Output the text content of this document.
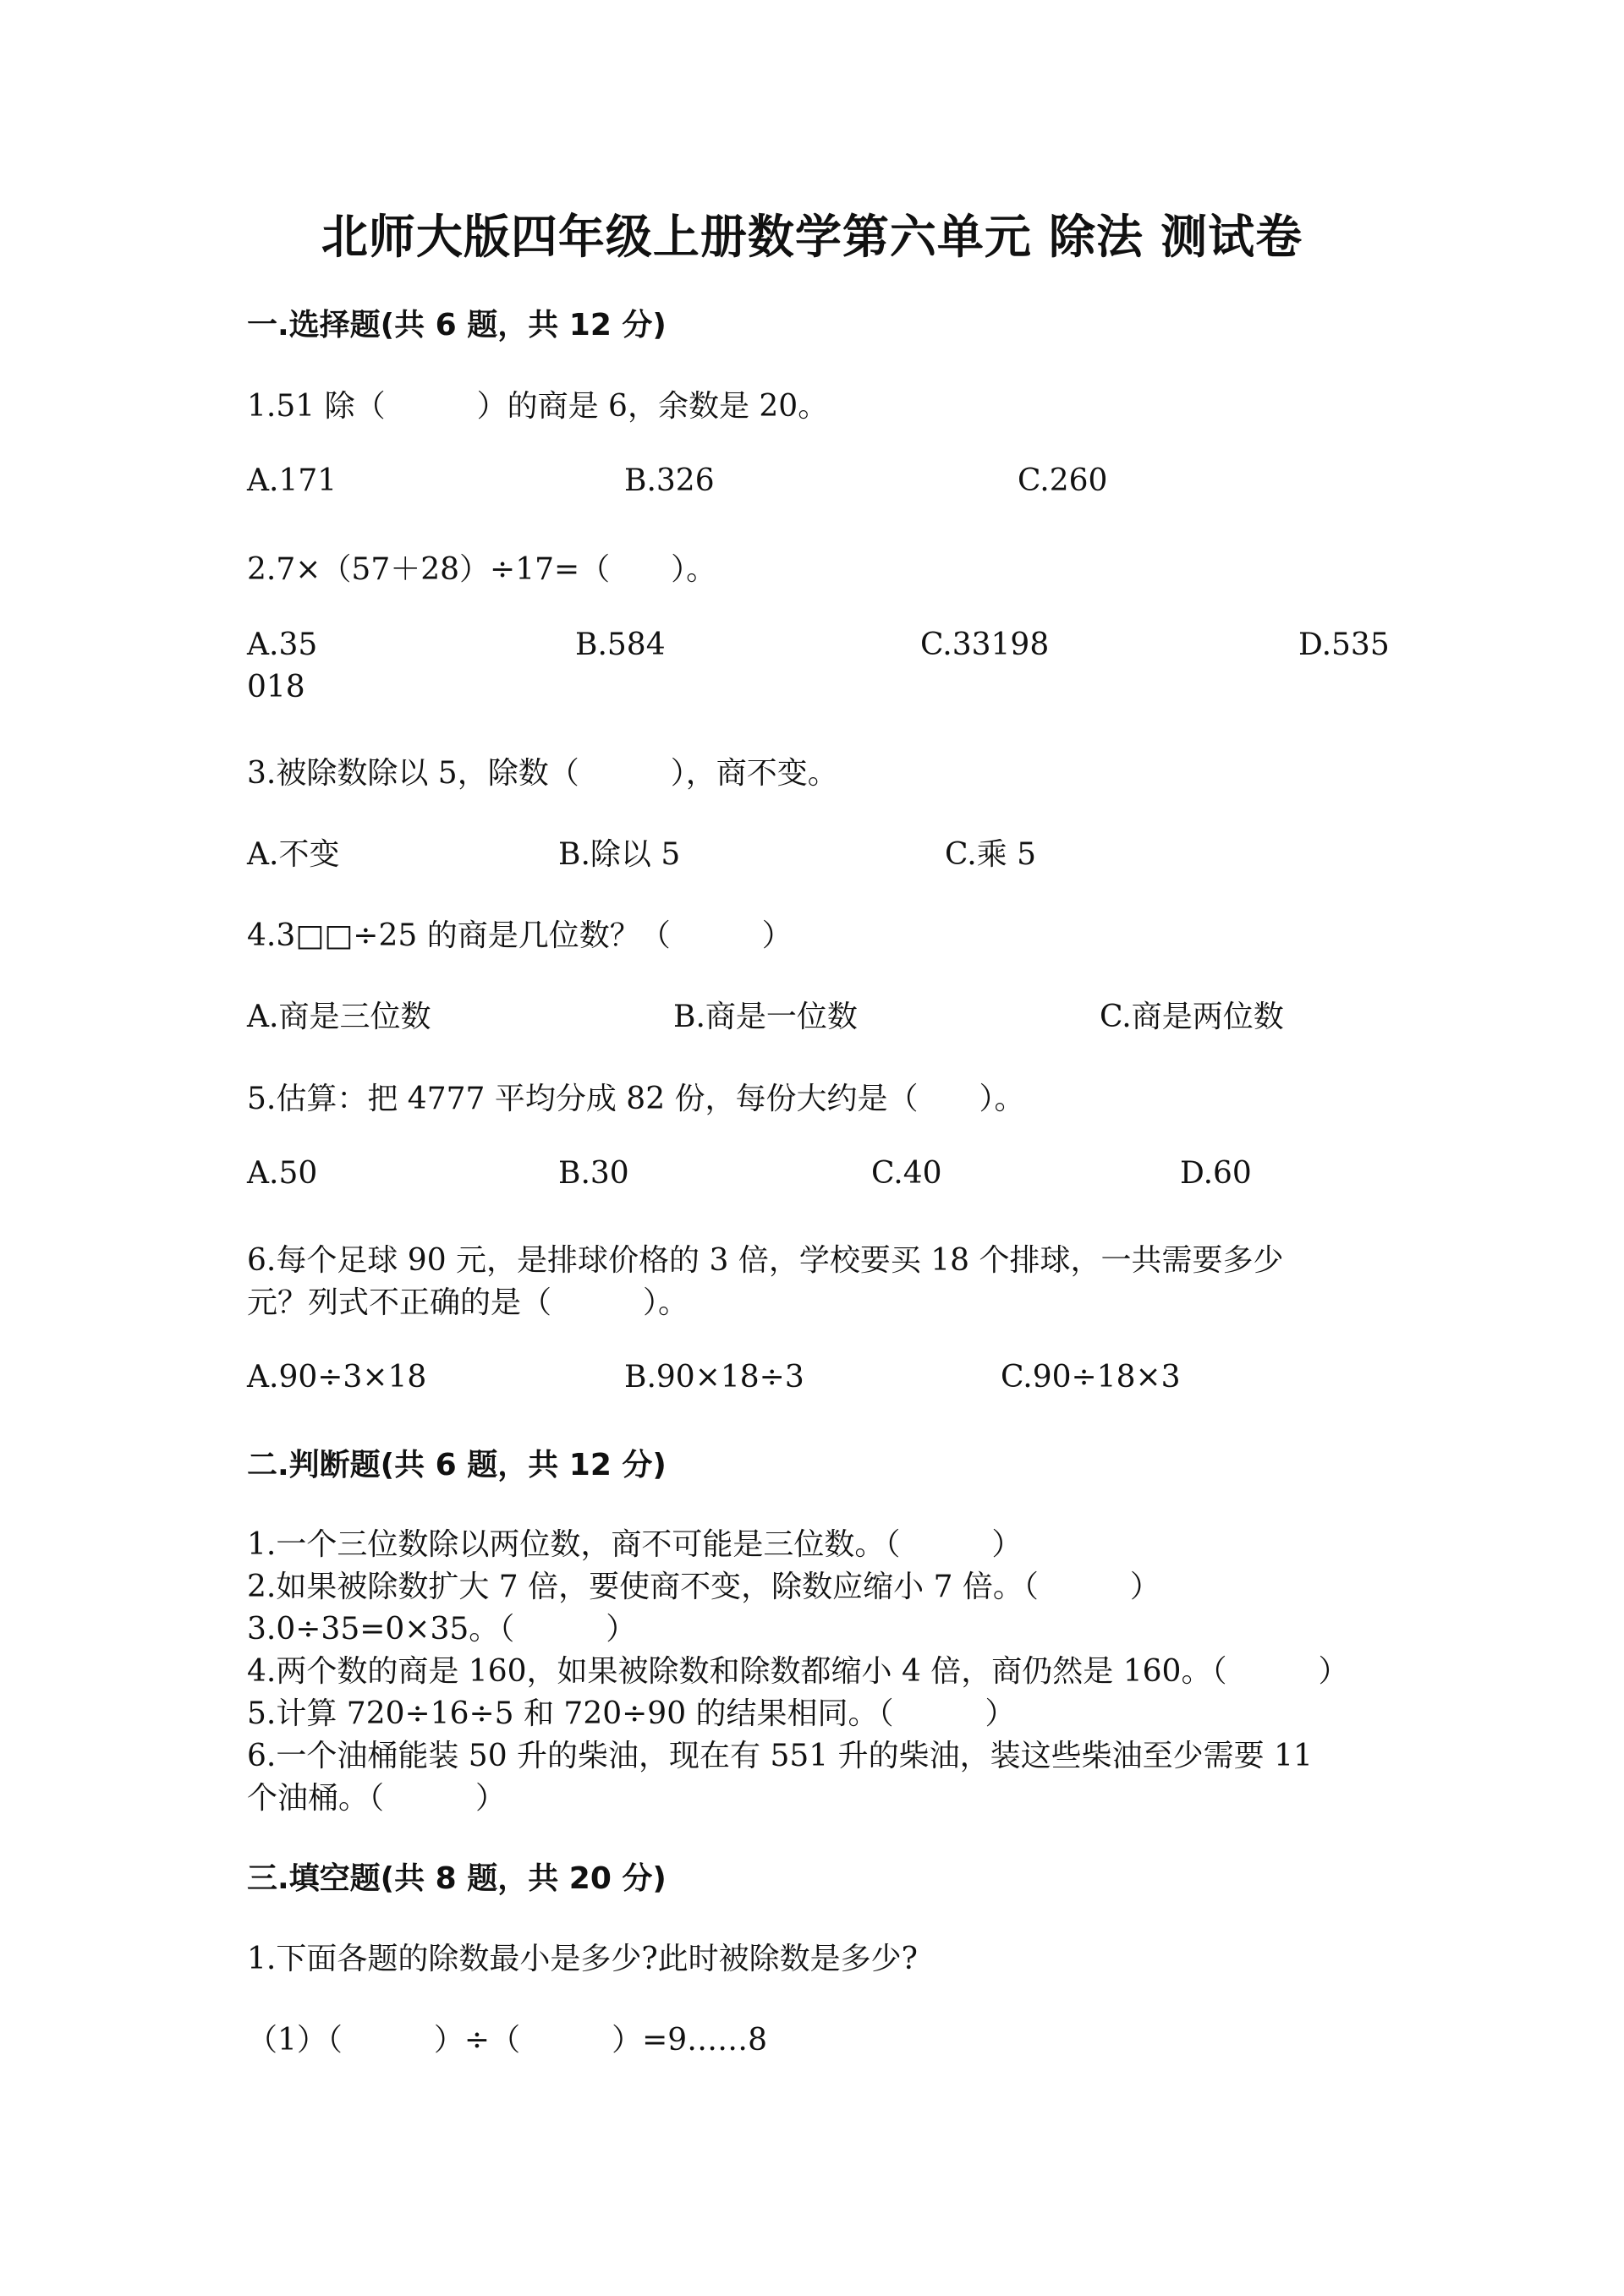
北师大版四年级上册数学第六单元 除法 测试卷
一.选择题(共 6 题，共 12 分)
1.51 除（　　　）的商是 6，余数是 20。
A.171	B.326	C.260
2.7×（57＋28）÷17=（　　）。
A.35	B.584	C.33198	D.535
018
3.被除数除以 5，除数（　　　），商不变。
A.不变	B.除以 5	C.乘 5
4.3□□÷25 的商是几位数？（　　　）
A.商是三位数	B.商是一位数	C.商是两位数
5.估算：把 4777 平均分成 82 份，每份大约是（　　）。
A.50	B.30	C.40	D.60
6.每个足球 90 元，是排球价格的 3 倍，学校要买 18 个排球，一共需要多少
元？列式不正确的是（　　　）。
A.90÷3×18	B.90×18÷3	C.90÷18×3
二.判断题(共 6 题，共 12 分)
1.一个三位数除以两位数，商不可能是三位数。（　　　）
2.如果被除数扩大 7 倍，要使商不变，除数应缩小 7 倍。（　　　）
3.0÷35=0×35。（　　　）
4.两个数的商是 160，如果被除数和除数都缩小 4 倍，商仍然是 160。（　　　）
5.计算 720÷16÷5 和 720÷90 的结果相同。（　　　）
6.一个油桶能装 50 升的柴油，现在有 551 升的柴油，装这些柴油至少需要 11
个油桶。（　　　）
三.填空题(共 8 题，共 20 分)
1.下面各题的除数最小是多少?此时被除数是多少?
（1）（　　　）÷（　　　）=9……8
